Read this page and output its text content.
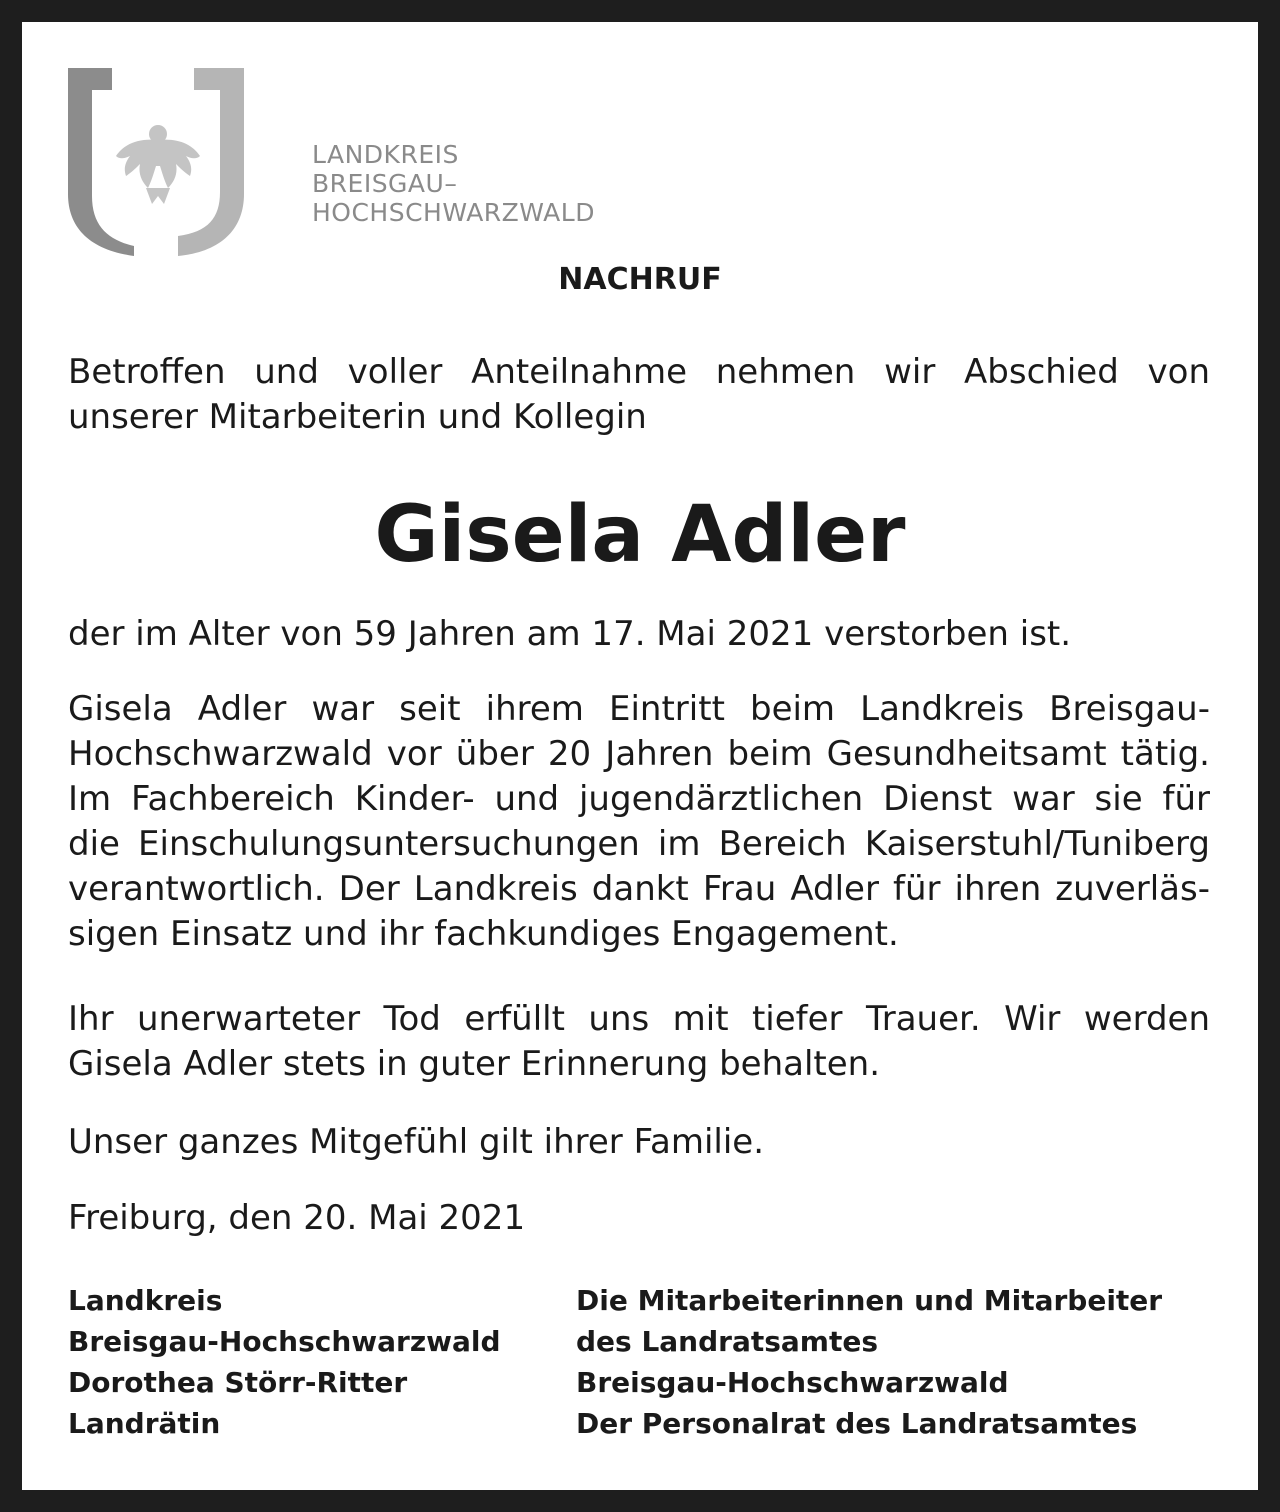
LANDKREIS
BREISGAU–
HOCHSCHWARZWALD
NACHRUF
Betroffen und voller Anteilnahme nehmen wir Abschied von
unserer Mitarbeiterin und Kollegin
Gisela Adler
der im Alter von 59 Jahren am 17. Mai 2021 verstorben ist.
Gisela Adler war seit ihrem Eintritt beim Landkreis Breisgau-
Hochschwarzwald vor über 20 Jahren beim Gesundheitsamt tätig.
Im Fachbereich Kinder- und jugendärztlichen Dienst war sie für
die Einschulungsuntersuchungen im Bereich Kaiserstuhl/Tuniberg
verantwortlich. Der Landkreis dankt Frau Adler für ihren zuverläs-
sigen Einsatz und ihr fachkundiges Engagement.
Ihr unerwarteter Tod erfüllt uns mit tiefer Trauer. Wir werden
Gisela Adler stets in guter Erinnerung behalten.
Unser ganzes Mitgefühl gilt ihrer Familie.
Freiburg, den 20. Mai 2021
Landkreis
Breisgau-Hochschwarzwald
Dorothea Störr-Ritter
Landrätin
Die Mitarbeiterinnen und Mitarbeiter
des Landratsamtes
Breisgau-Hochschwarzwald
Der Personalrat des Landratsamtes
